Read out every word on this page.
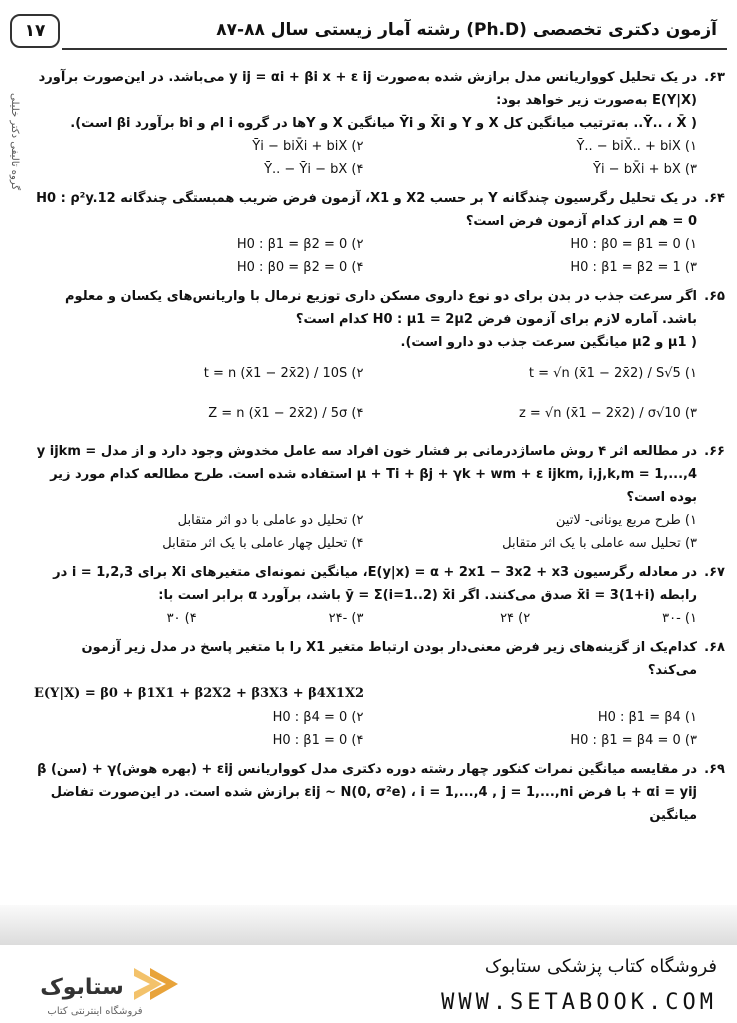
۱۷	آزمون دکتری تخصصی (Ph.D) رشته آمار زیستی سال ۸۸-۸۷
گروه تالیفی دکتر خلیلی
۶۳.
در یک تحلیل کوواریانس مدل برازش شده به‌صورت y ij = αi + βi x + ε ij می‌باشد. در این‌صورت برآورد E(Y|X) به‌صورت زیر خواهد بود:
( Ȳ.. ، X̄.. به‌ترتیب میانگین کل X و Y و X̄i و Ȳi میانگین X و Yها در گروه i ام و bi برآورد βi است).
۱) Ȳ.. − biX̄.. + biX
۲) Ȳi − biX̄i + biX
۳) Ȳi − bX̄i + bX
۴) Ȳ.. − Ȳi − bX
۶۴.
در یک تحلیل رگرسیون چندگانه Y بر حسب X2 و X1، آزمون فرض ضریب همبستگی چندگانه H0 : ρ²y.12 = 0 هم ارز کدام آزمون فرض است؟
۱) H0 : β0 = β1 = 0
۲) H0 : β1 = β2 = 0
۳) H0 : β1 = β2 = 1
۴) H0 : β0 = β2 = 0
۶۵.
اگر سرعت جذب در بدن برای دو نوع داروی مسکن داری توزیع نرمال با واریانس‌های یکسان و معلوم باشد. آماره لازم برای آزمون فرض H0 : μ1 = 2μ2 کدام است؟
( μ1 و μ2 میانگین سرعت جذب دو دارو است).
۱) t = √n (x̄1 − 2x̄2) / S√5
۲) t = n (x̄1 − 2x̄2) / 10S
۳) z = √n (x̄1 − 2x̄2) / σ√10
۴) Z = n (x̄1 − 2x̄2) / 5σ
۶۶.
در مطالعه اثر ۴ روش ماساژدرمانی بر فشار خون افراد سه عامل مخدوش وجود دارد و از مدل y ijkm = μ + Ti + βj + γk + wm + ε ijkm, i,j,k,m = 1,...,4 استفاده شده است. طرح مطالعه کدام مورد زیر بوده است؟
۱) طرح مربع یونانی- لاتین
۲) تحلیل دو عاملی با دو اثر متقابل
۳) تحلیل سه عاملی با یک اثر متقابل
۴) تحلیل چهار عاملی با یک اثر متقابل
۶۷.
در معادله رگرسیون E(y|x) = α + 2x1 − 3x2 + x3، میانگین نمونه‌ای متغیرهای Xi برای i = 1,2,3 در رابطه x̄i = 3(1+i) صدق می‌کنند. اگر ȳ = Σ(i=1..2) x̄i باشد، برآورد α برابر است با:
۱) -۳۰
۲) ۲۴
۳) -۲۴
۴) ۳۰
۶۸.
کدام‌یک از گزینه‌های زیر فرض معنی‌دار بودن ارتباط متغیر X1 را با متغیر پاسخ در مدل زیر آزمون می‌کند؟
E(Y|X) = β0 + β1X1 + β2X2 + β3X3 + β4X1X2
۱) H0 : β1 = β4
۲) H0 : β4 = 0
۳) H0 : β1 = β4 = 0
۴) H0 : β1 = 0
۶۹.
در مقایسه میانگین نمرات کنکور چهار رشته دوره دکتری مدل کوواریانس εij + (بهره هوش)γ + (سن) β + αi = yij با فرض εij ~ N(0, σ²e) ، i = 1,...,4 , j = 1,...,ni برازش شده است. در این‌صورت تفاضل میانگین
ستابوک
فروشگاه اینترنتی کتاب
فروشگاه کتاب پزشکی ستابوک
WWW.SETABOOK.COM
